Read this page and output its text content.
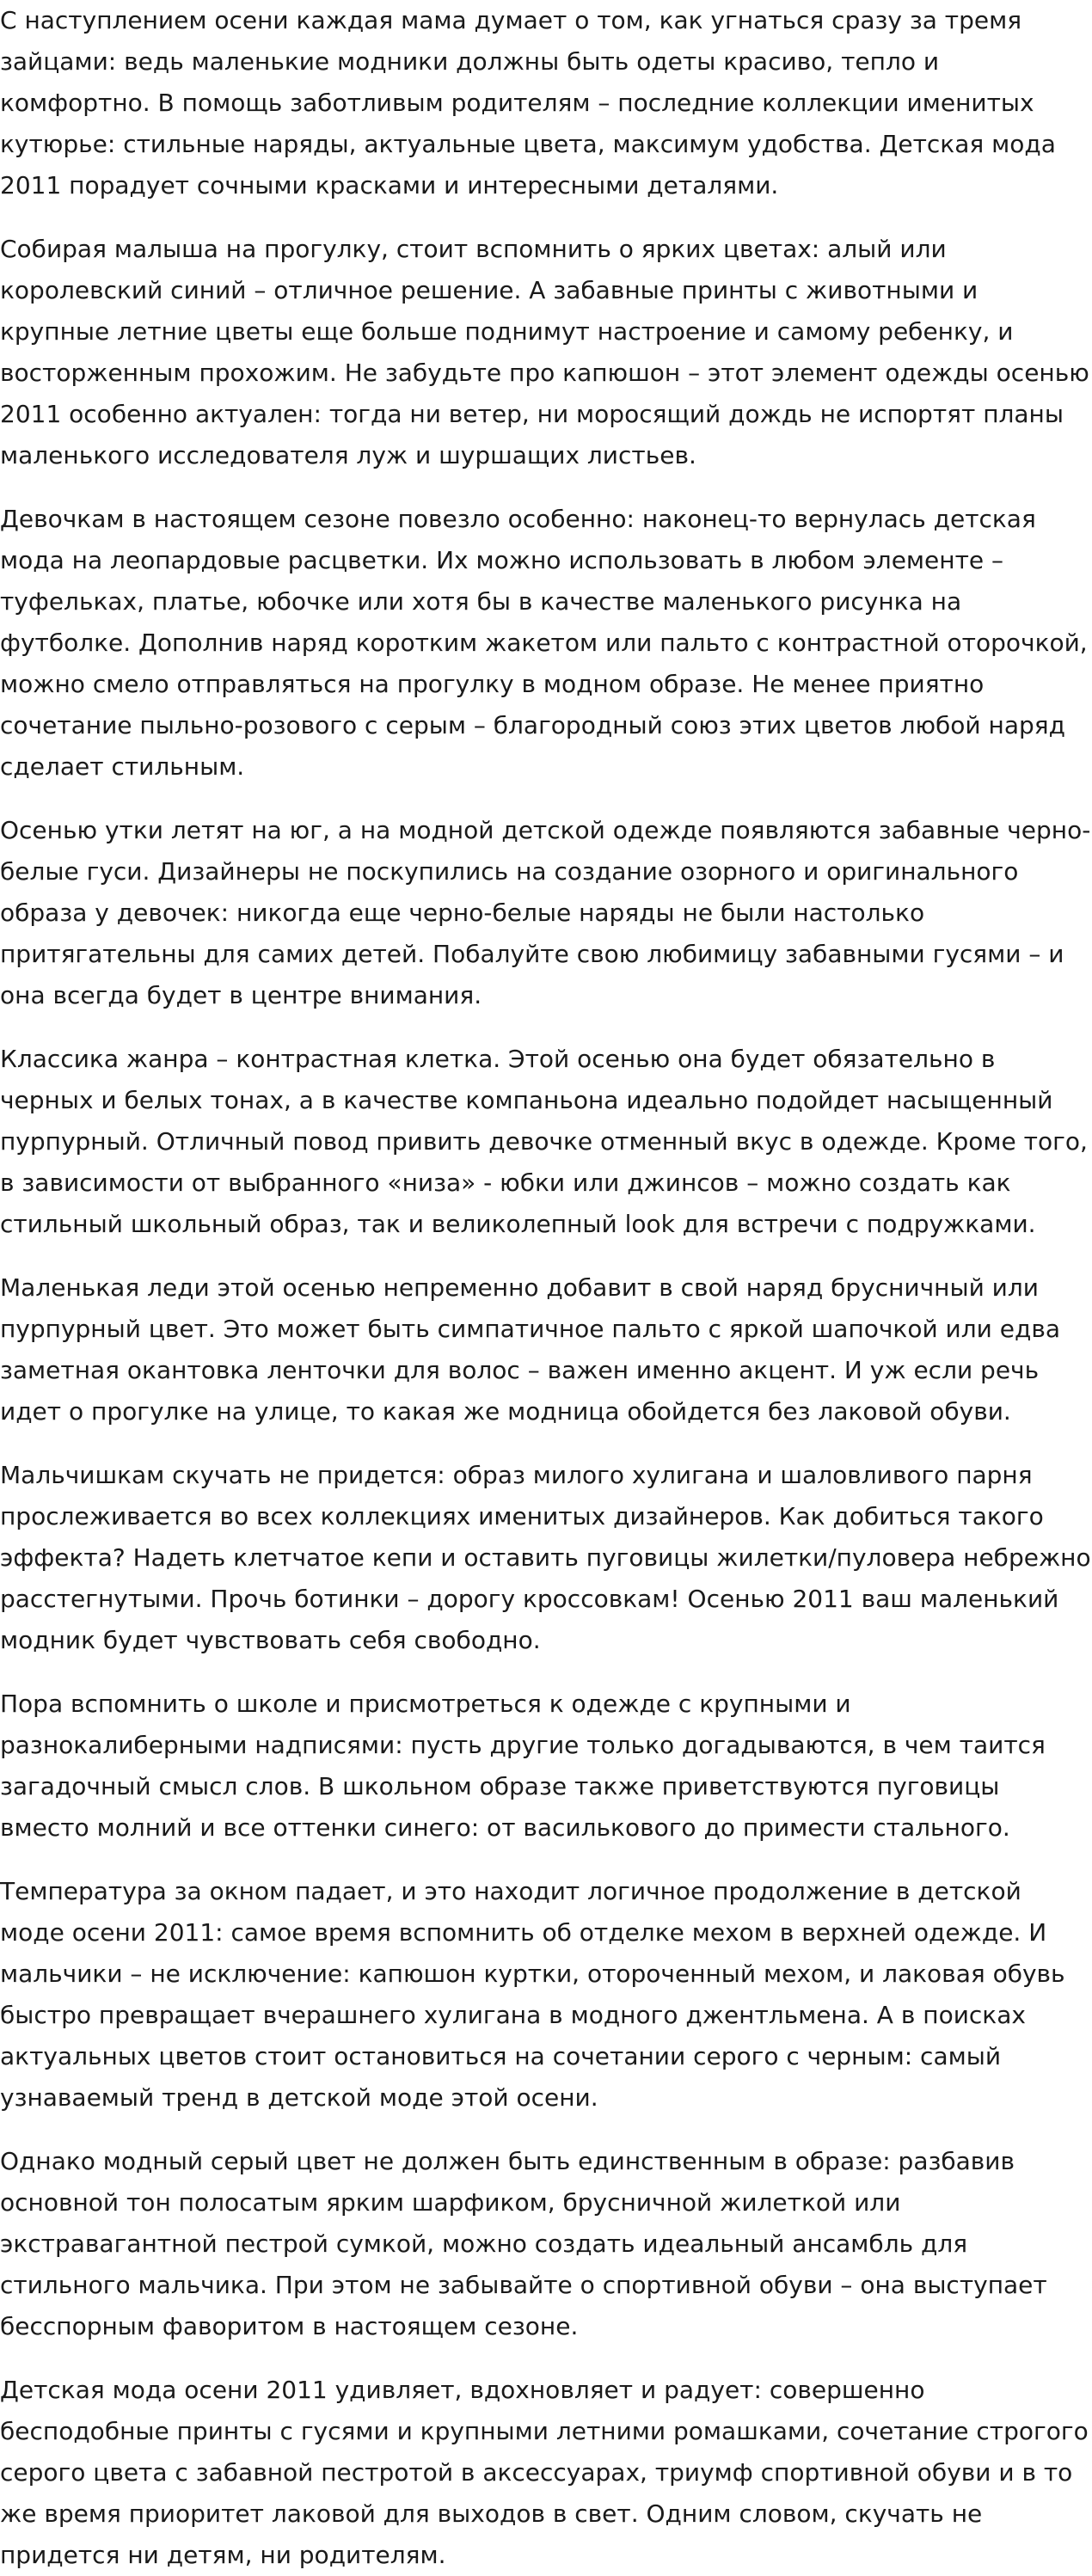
С наступлением осени каждая мама думает о том, как угнаться сразу за тремя зайцами: ведь маленькие модники должны быть одеты красиво, тепло и комфортно. В помощь заботливым родителям – последние коллекции именитых кутюрье: стильные наряды, актуальные цвета, максимум удобства. Детская мода 2011 порадует сочными красками и интересными деталями.

Собирая малыша на прогулку, стоит вспомнить о ярких цветах: алый или королевский синий – отличное решение. А забавные принты с животными и крупные летние цветы еще больше поднимут настроение и самому ребенку, и восторженным прохожим. Не забудьте про капюшон – этот элемент одежды осенью 2011 особенно актуален: тогда ни ветер, ни моросящий дождь не испортят планы маленького исследователя луж и шуршащих листьев.

Девочкам в настоящем сезоне повезло особенно: наконец-то вернулась детская мода на леопардовые расцветки. Их можно использовать в любом элементе – туфельках, платье, юбочке или хотя бы в качестве маленького рисунка на футболке. Дополнив наряд коротким жакетом или пальто с контрастной оторочкой, можно смело отправляться на прогулку в модном образе. Не менее приятно сочетание пыльно-розового с серым – благородный союз этих цветов любой наряд сделает стильным.

Осенью утки летят на юг, а на модной детской одежде появляются забавные черно-белые гуси. Дизайнеры не поскупились на создание озорного и оригинального образа у девочек: никогда еще черно-белые наряды не были настолько притягательны для самих детей. Побалуйте свою любимицу забавными гусями – и она всегда будет в центре внимания.

Классика жанра – контрастная клетка. Этой осенью она будет обязательно в черных и белых тонах, а в качестве компаньона идеально подойдет насыщенный пурпурный. Отличный повод привить девочке отменный вкус в одежде. Кроме того, в зависимости от выбранного «низа» - юбки или джинсов – можно создать как стильный школьный образ, так и великолепный look для встречи с подружками.

Маленькая леди этой осенью непременно добавит в свой наряд брусничный или пурпурный цвет. Это может быть симпатичное пальто с яркой шапочкой или едва заметная окантовка ленточки для волос – важен именно акцент. И уж если речь идет о прогулке на улице, то какая же модница обойдется без лаковой обуви.

Мальчишкам скучать не придется: образ милого хулигана и шаловливого парня прослеживается во всех коллекциях именитых дизайнеров. Как добиться такого эффекта? Надеть клетчатое кепи и оставить пуговицы жилетки/пуловера небрежно расстегнутыми. Прочь ботинки – дорогу кроссовкам! Осенью 2011 ваш маленький модник будет чувствовать себя свободно.

Пора вспомнить о школе и присмотреться к одежде с крупными и разнокалиберными надписями: пусть другие только догадываются, в чем таится загадочный смысл слов. В школьном образе также приветствуются пуговицы вместо молний и все оттенки синего: от василькового до примести стального.

Температура за окном падает, и это находит логичное продолжение в детской моде осени 2011: самое время вспомнить об отделке мехом в верхней одежде. И мальчики – не исключение: капюшон куртки, отороченный мехом, и лаковая обувь быстро превращает вчерашнего хулигана в модного джентльмена. А в поисках актуальных цветов стоит остановиться на сочетании серого с черным: самый узнаваемый тренд в детской моде этой осени.

Однако модный серый цвет не должен быть единственным в образе: разбавив основной тон полосатым ярким шарфиком, брусничной жилеткой или экстравагантной пестрой сумкой, можно создать идеальный ансамбль для стильного мальчика. При этом не забывайте о спортивной обуви – она выступает бесспорным фаворитом в настоящем сезоне.

Детская мода осени 2011 удивляет, вдохновляет и радует: совершенно бесподобные принты с гусями и крупными летними ромашками, сочетание строгого серого цвета с забавной пестротой в аксессуарах, триумф спортивной обуви и в то же время приоритет лаковой для выходов в свет. Одним словом, скучать не придется ни детям, ни родителям.
